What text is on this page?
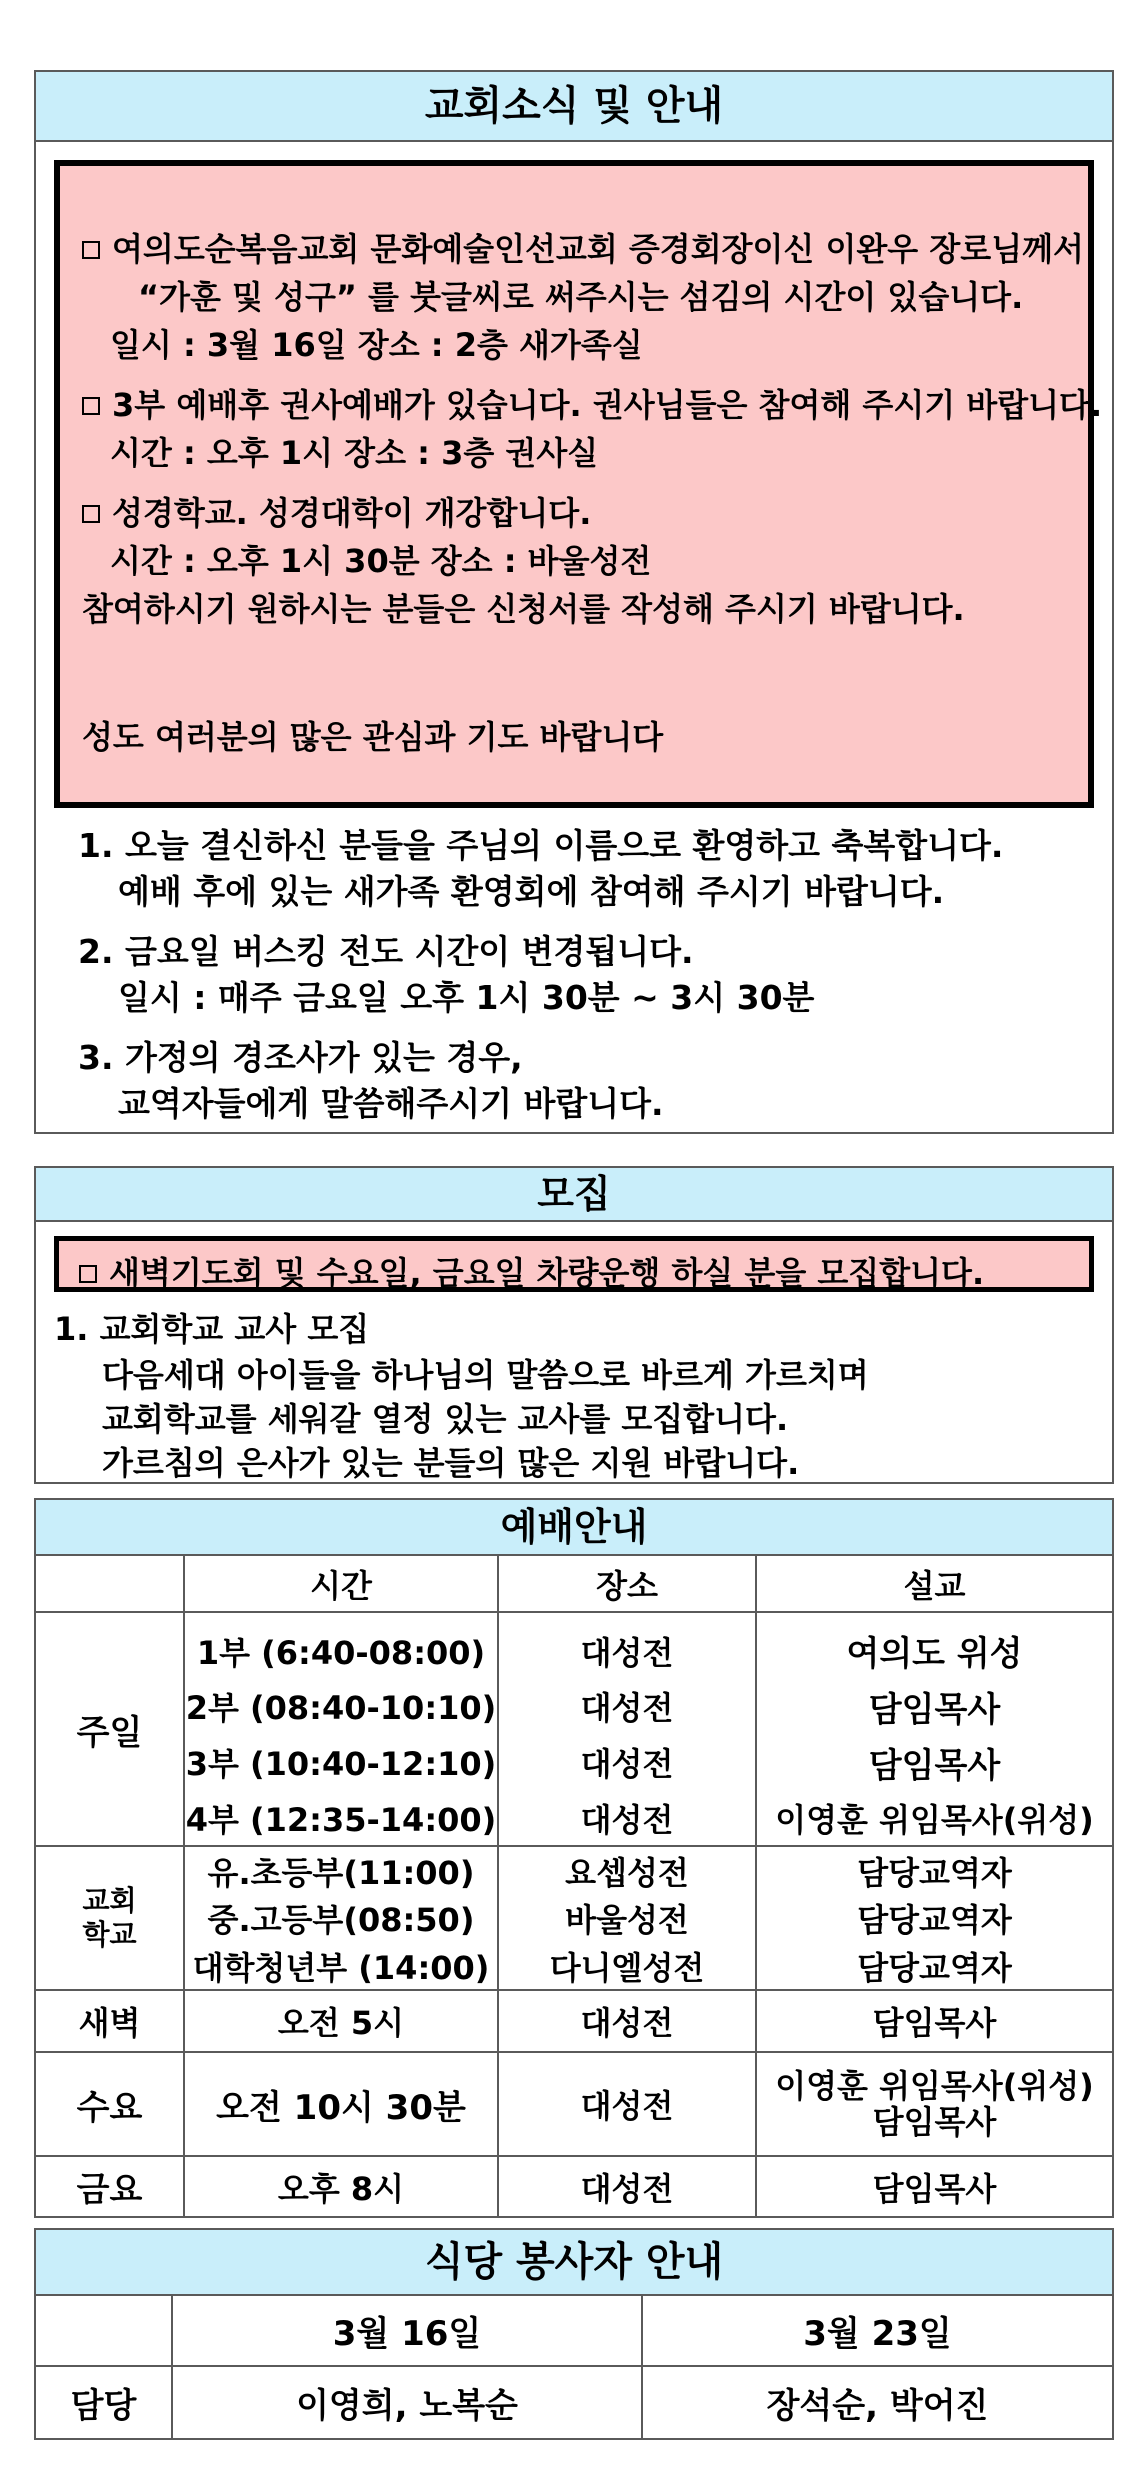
교회소식 및 안내
여의도순복음교회 문화예술인선교회 증경회장이신 이완우 장로님께서
“가훈 및 성구” 를 붓글씨로 써주시는 섬김의 시간이 있습니다.
일시 : 3월 16일 장소 : 2층 새가족실
3부 예배후 권사예배가 있습니다. 권사님들은 참여해 주시기 바랍니다.
시간 : 오후 1시 장소 : 3층 권사실
성경학교. 성경대학이 개강합니다.
시간 : 오후 1시 30분 장소 : 바울성전
참여하시기 원하시는 분들은 신청서를 작성해 주시기 바랍니다.
성도 여러분의 많은 관심과 기도 바랍니다
1. 오늘 결신하신 분들을 주님의 이름으로 환영하고 축복합니다.
예배 후에 있는 새가족 환영회에 참여해 주시기 바랍니다.
2. 금요일 버스킹 전도 시간이 변경됩니다.
일시 : 매주 금요일 오후 1시 30분 ~ 3시 30분
3. 가정의 경조사가 있는 경우,
교역자들에게 말씀해주시기 바랍니다.
모집
새벽기도회 및 수요일, 금요일 차량운행 하실 분을 모집합니다.
1. 교회학교 교사 모집
다음세대 아이들을 하나님의 말씀으로 바르게 가르치며
교회학교를 세워갈 열정 있는 교사를 모집합니다.
가르침의 은사가 있는 분들의 많은 지원 바랍니다.
예배안내
	시간	장소	설교
주일	1부 (6:40-08:00)	대성전	여의도 위성
	2부 (08:40-10:10)	대성전	담임목사
	3부 (10:40-12:10)	대성전	담임목사
	4부 (12:35-14:00)	대성전	이영훈 위임목사(위성)

교회
학교	유.초등부(11:00)	요셉성전	담당교역자
	중.고등부(08:50)	바울성전	담당교역자
	대학청년부 (14:00)	다니엘성전	담당교역자
새벽	오전 5시	대성전	담임목사
수요	오전 10시 30분	대성전	이영훈 위임목사(위성)
담임목사

금요	오후 8시	대성전	담임목사
식당 봉사자 안내
	3월 16일	3월 23일
담당	이영희, 노복순	장석순, 박어진
